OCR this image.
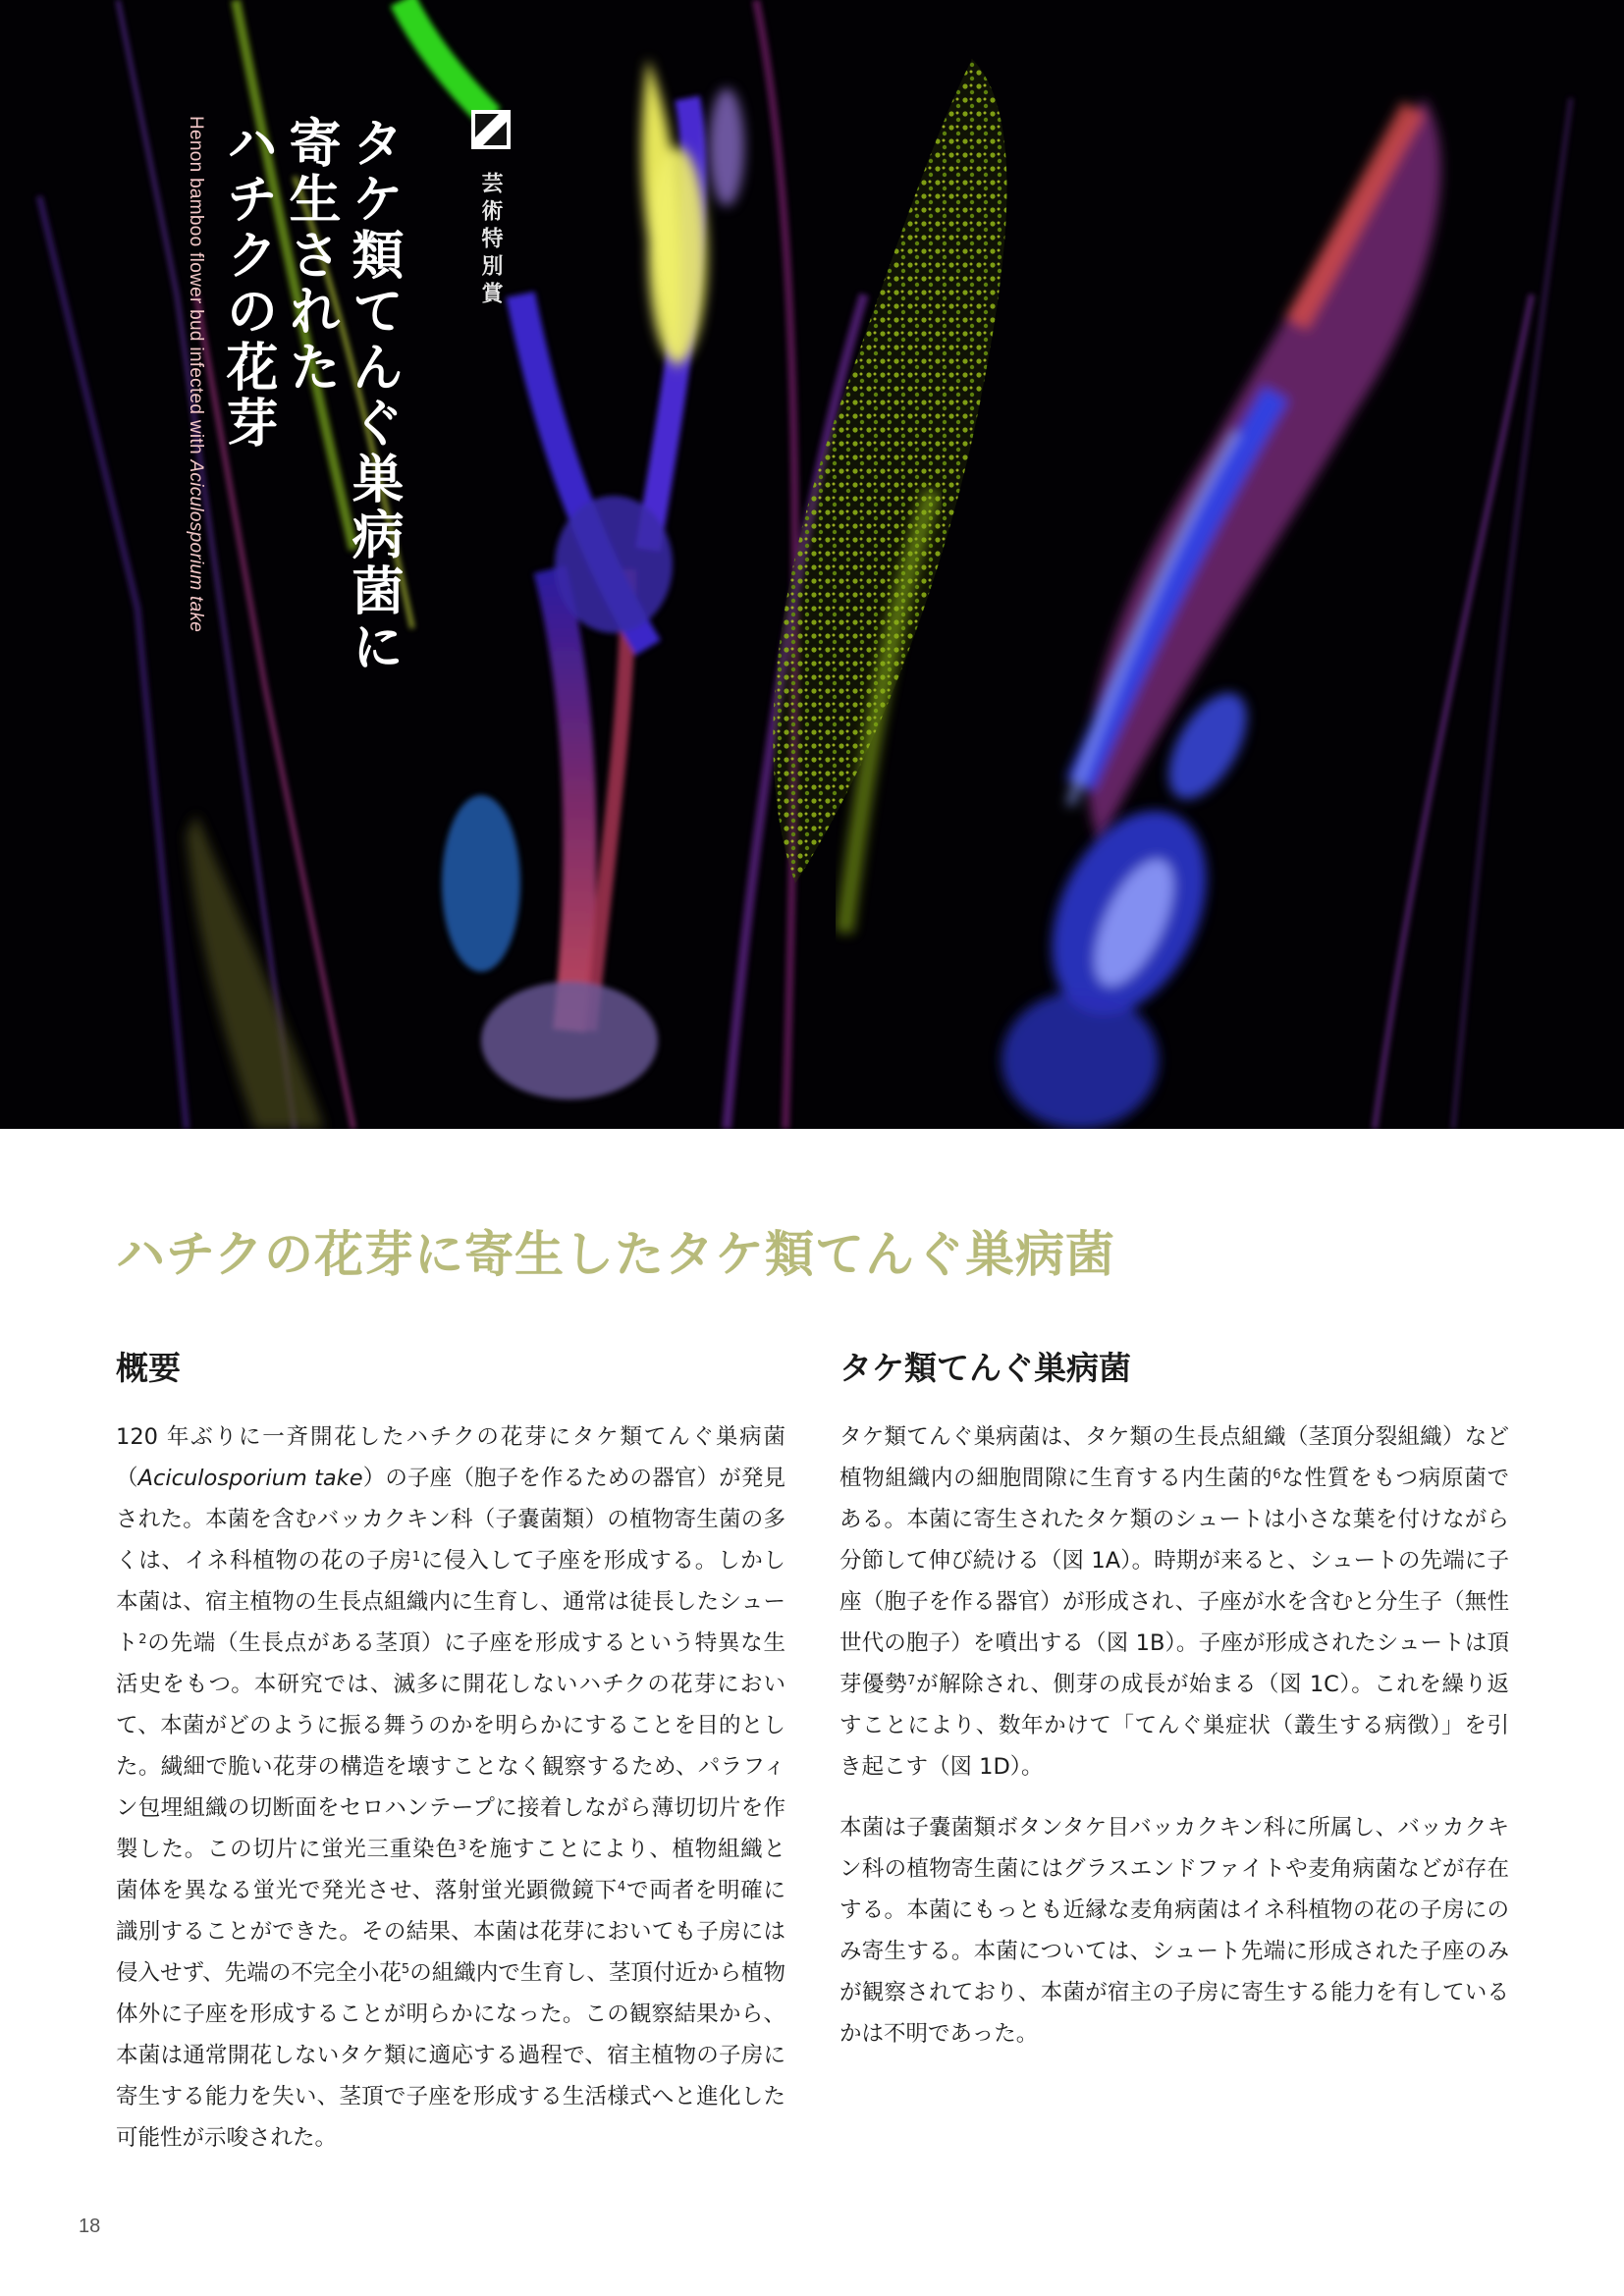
芸術特別賞
タケ類てんぐ巣病菌に
寄生された
ハチクの花芽
Henon bamboo flower bud infected with Aciculosporium take
ハチクの花芽に寄生したタケ類てんぐ巣病菌
概要

120 年ぶりに一斉開花したハチクの花芽にタケ類てんぐ巣病菌（Aciculosporium take）の子座（胞子を作るための器官）が発見された。本菌を含むバッカクキン科（子嚢菌類）の植物寄生菌の多くは、イネ科植物の花の子房$^1$に侵入して子座を形成する。しかし本菌は、宿主植物の生長点組織内に生育し、通常は徒長したシュート$^2$の先端（生長点がある茎頂）に子座を形成するという特異な生活史をもつ。本研究では、滅多に開花しないハチクの花芽において、本菌がどのように振る舞うのかを明らかにすることを目的とした。繊細で脆い花芽の構造を壊すことなく観察するため、パラフィン包埋組織の切断面をセロハンテープに接着しながら薄切切片を作製した。この切片に蛍光三重染色$^3$を施すことにより、植物組織と菌体を異なる蛍光で発光させ、落射蛍光顕微鏡下$^4$で両者を明確に識別することができた。その結果、本菌は花芽においても子房には侵入せず、先端の不完全小花$^5$の組織内で生育し、茎頂付近から植物体外に子座を形成することが明らかになった。この観察結果から、本菌は通常開花しないタケ類に適応する過程で、宿主植物の子房に寄生する能力を失い、茎頂で子座を形成する生活様式へと進化した可能性が示唆された。

タケ類てんぐ巣病菌

タケ類てんぐ巣病菌は、タケ類の生長点組織（茎頂分裂組織）など植物組織内の細胞間隙に生育する内生菌的$^6$な性質をもつ病原菌である。本菌に寄生されたタケ類のシュートは小さな葉を付けながら分節して伸び続ける（図 1A）。時期が来ると、シュートの先端に子座（胞子を作る器官）が形成され、子座が水を含むと分生子（無性世代の胞子）を噴出する（図 1B）。子座が形成されたシュートは頂芽優勢$^7$が解除され、側芽の成長が始まる（図 1C）。これを繰り返すことにより、数年かけて「てんぐ巣症状（叢生する病徴）」を引き起こす（図 1D）。

本菌は子嚢菌類ボタンタケ目バッカクキン科に所属し、バッカクキン科の植物寄生菌にはグラスエンドファイトや麦角病菌などが存在する。本菌にもっとも近縁な麦角病菌はイネ科植物の花の子房にのみ寄生する。本菌については、シュート先端に形成された子座のみが観察されており、本菌が宿主の子房に寄生する能力を有しているかは不明であった。

18
